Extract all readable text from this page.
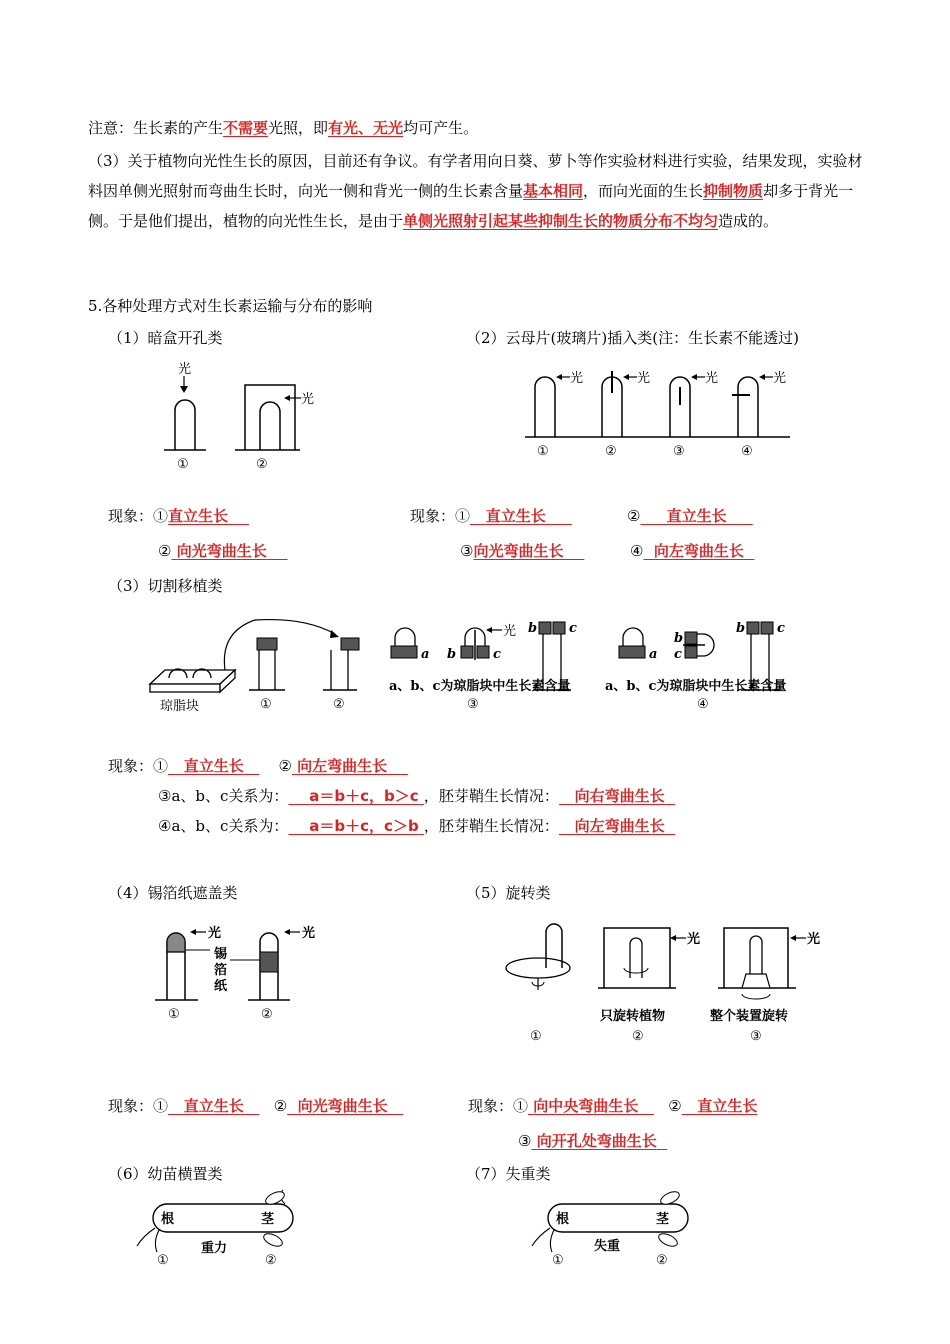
注意：生长素的产生不需要光照，即有光、无光均可产生。
（3）关于植物向光性生长的原因，目前还有争议。有学者用向日葵、萝卜等作实验材料进行实验，结果发现，实验材料因单侧光照射而弯曲生长时，向光一侧和背光一侧的生长素含量基本相同，而向光面的生长抑制物质却多于背光一侧。于是他们提出，植物的向光性生长，是由于单侧光照射引起某些抑制生长的物质分布不均匀造成的。
5.各种处理方式对生长素运输与分布的影响
（1）暗盒开孔类
光
①
光
②
（2）云母片(玻璃片)插入类(注：生长素不能透过)
光
①
光
②
光
③
光
④
现象：①直立生长
② 向光弯曲生长
现象：① 直立生长	② 直立生长
③向光弯曲生长	④ 向左弯曲生长
（3）切割移植类
琼脂块	①	②
a b	c
光 b c
a、b、c为琼脂块中生长素含量
③
a
b
c
b c
a、b、c为琼脂块中生长素含量
④
现象：① 直立生长 ② 向左弯曲生长
③a、b、c关系为： a＝b＋c，b＞c ，胚芽鞘生长情况： 向右弯曲生长
④a、b、c关系为： a＝b＋c，c＞b ，胚芽鞘生长情况： 向左弯曲生长
（4）锡箔纸遮盖类
光
①
锡
箔
纸
光
②
（5）旋转类
①
光
只旋转植物
②
光
整个装置旋转
③
现象：① 直立生长 ② 向光弯曲生长	现象：① 向中央弯曲生长 ② 直立生长
③ 向开孔处弯曲生长
（6）幼苗横置类	（7）失重类
根	茎
重力
①	②
根	茎
失重
①	②
